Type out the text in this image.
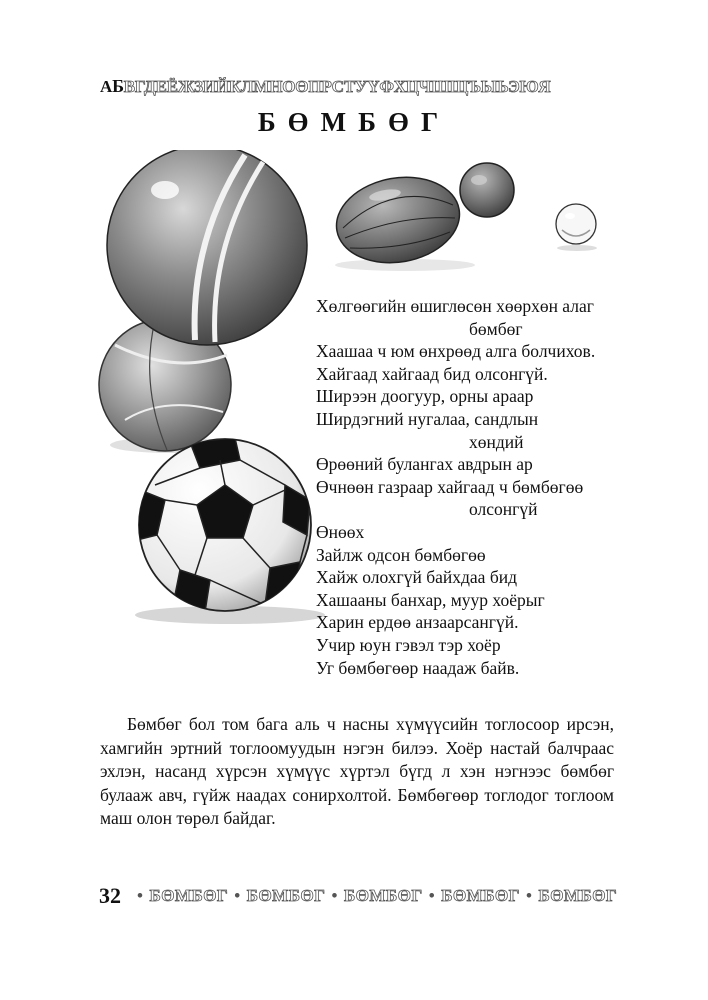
АБВГДЕЁЖЗИЙКЛМНОӨПРСТУҮФХЦЧШЩЪЫЬЭЮЯ
БӨМБӨГ
Хөлгөөгийн өшиглөсөн хөөрхөн алаг
бөмбөг
Хаашаа ч юм өнхрөөд алга болчихов.
Хайгаад хайгаад бид олсонгүй.
Ширээн доогуур, орны араар
Ширдэгний нугалаа, сандлын
хөндий
Өрөөний булангах авдрын ар
Өчнөөн газраар хайгаад ч бөмбөгөө
олсонгүй
Өнөөх
Зайлж одсон бөмбөгөө
Хайж олохгүй байхдаа бид
Хашааны банхар, муур хоёрыг
Харин ердөө анзаарсангүй.
Учир юун гэвэл тэр хоёр
Уг бөмбөгөөр наадаж байв.
Бөмбөг бол том бага аль ч насны хүмүүсийн тоглосоор ирсэн, хамгийн эртний тоглоомуудын нэгэн билээ. Хоёр настай балчраас эхлэн, насанд хүрсэн хүмүүс хүртэл бүгд л хэн нэгнээс бөмбөг булааж авч, гүйж наадах сонирхолтой. Бөмбөгөөр тоглодог тоглоом маш олон төрөл байдаг.
32 • БӨМБӨГ • БӨМБӨГ • БӨМБӨГ • БӨМБӨГ • БӨМБӨГ
